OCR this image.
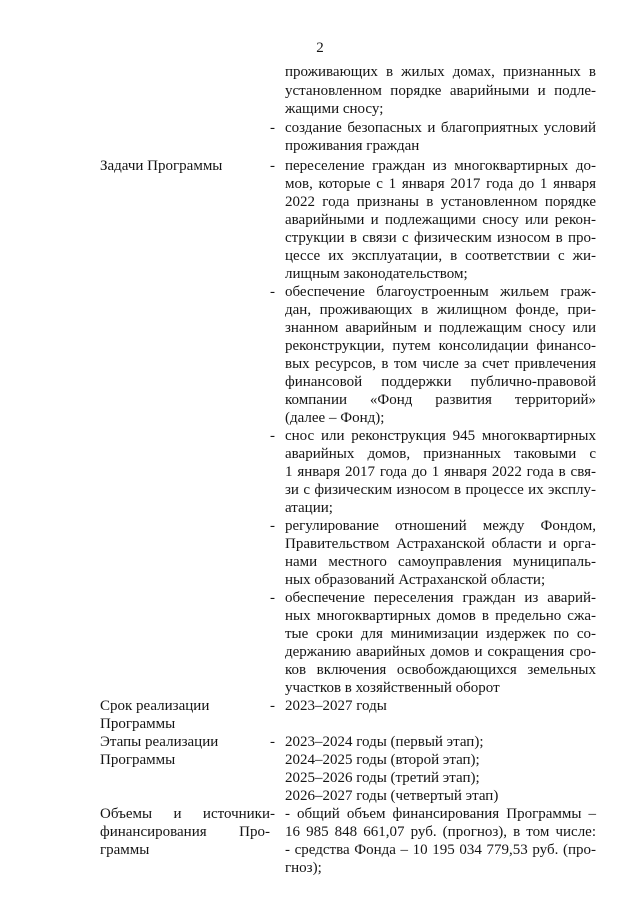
2
проживающих в жилых домах, признанных в
установленном порядке аварийными и подле-
жащими сносу;
- создание безопасных и благоприятных условий
проживания граждан
Задачи Программы	- переселение граждан из многоквартирных до-
мов, которые с 1 января 2017 года до 1 января
2022 года признаны в установленном порядке
аварийными и подлежащими сносу или рекон-
струкции в связи с физическим износом в про-
цессе их эксплуатации, в соответствии с жи-
лищным законодательством;
- обеспечение благоустроенным жильем граж-
дан, проживающих в жилищном фонде, при-
знанном аварийным и подлежащим сносу или
реконструкции, путем консолидации финансо-
вых ресурсов, в том числе за счет привлечения
финансовой поддержки публично-правовой
компании «Фонд развития территорий»
(далее – Фонд);
- снос или реконструкция 945 многоквартирных
аварийных домов, признанных таковыми с
1 января 2017 года до 1 января 2022 года в свя-
зи с физическим износом в процессе их эксплу-
атации;
- регулирование отношений между Фондом,
Правительством Астраханской области и орга-
нами местного самоуправления муниципаль-
ных образований Астраханской области;
- обеспечение переселения граждан из аварий-
ных многоквартирных домов в предельно сжа-
тые сроки для минимизации издержек по со-
держанию аварийных домов и сокращения сро-
ков включения освобождающихся земельных
участков в хозяйственный оборот
Срок реализации
Программы
- 2023–2027 годы
Этапы реализации
Программы
- 2023–2024 годы (первый этап);
2024–2025 годы (второй этап);
2025–2026 годы (третий этап);
2026–2027 годы (четвертый этап)
Объемы и источники
финансирования Про-
граммы
- - общий объем финансирования Программы –
16 985 848 661,07 руб. (прогноз), в том числе:
- средства Фонда – 10 195 034 779,53 руб. (про-
гноз);
